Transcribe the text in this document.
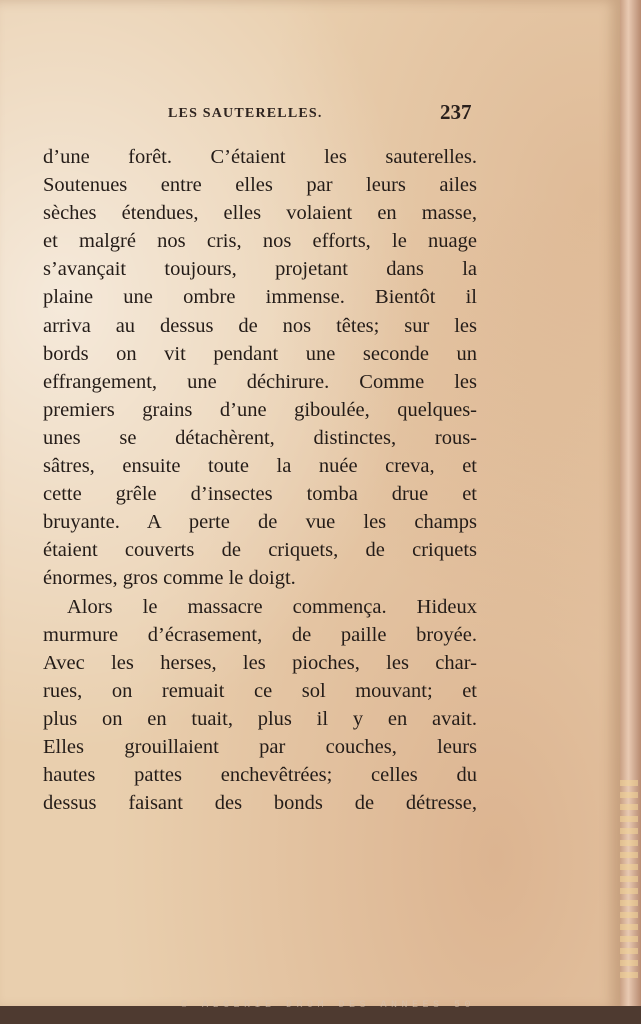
LES SAUTERELLES.	237
d’une forêt. C’étaient les sauterelles.
Soutenues entre elles par leurs ailes
sèches étendues, elles volaient en masse,
et malgré nos cris, nos efforts, le nuage
s’avançait toujours, projetant dans la
plaine une ombre immense. Bientôt il
arriva au dessus de nos têtes; sur les
bords on vit pendant une seconde un
effrangement, une déchirure. Comme les
premiers grains d’une giboulée, quelques-
unes se détachèrent, distinctes, rous-
sâtres, ensuite toute la nuée creva, et
cette grêle d’insectes tomba drue et
bruyante. A perte de vue les champs
étaient couverts de criquets, de criquets
énormes, gros comme le doigt.
Alors le massacre commença. Hideux
murmure d’écrasement, de paille broyée.
Avec les herses, les pioches, les char-
rues, on remuait ce sol mouvant; et
plus on en tuait, plus il y en avait.
Elles grouillaient par couches, leurs
hautes pattes enchevêtrées; celles du
dessus faisant des bonds de détresse,
© ALGERIE DROM DES ANNEES 50
